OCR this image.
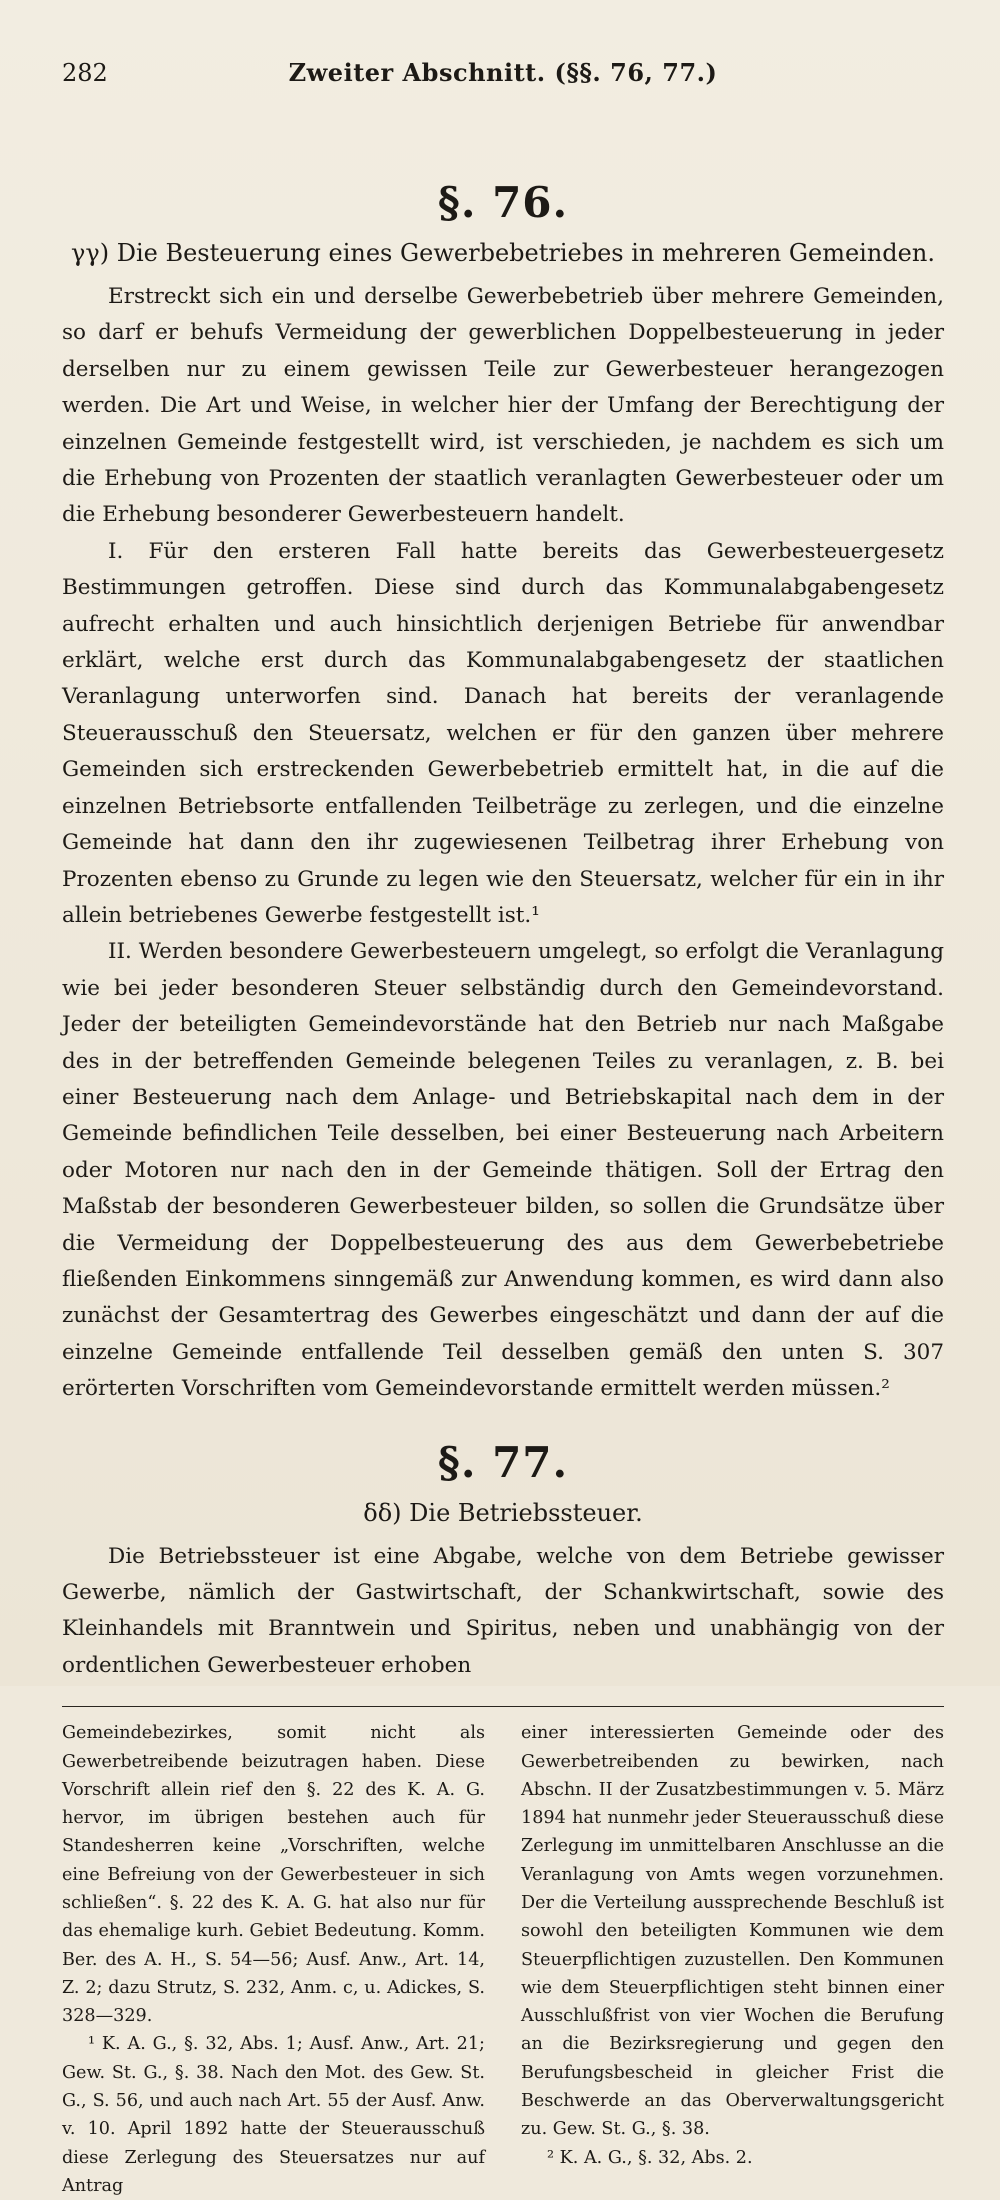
282	Zweiter Abschnitt. (§§. 76, 77.)
§. 76.
γγ) Die Besteuerung eines Gewerbebetriebes in mehreren Gemeinden.

Erstreckt sich ein und derselbe Gewerbebetrieb über mehrere Gemeinden, so darf er behufs Vermeidung der gewerblichen Doppelbesteuerung in jeder derselben nur zu einem gewissen Teile zur Gewerbesteuer herangezogen werden. Die Art und Weise, in welcher hier der Umfang der Berechtigung der einzelnen Gemeinde festgestellt wird, ist verschieden, je nachdem es sich um die Erhebung von Prozenten der staatlich veranlagten Gewerbesteuer oder um die Erhebung besonderer Gewerbesteuern handelt.

I. Für den ersteren Fall hatte bereits das Gewerbesteuergesetz Bestimmungen getroffen. Diese sind durch das Kommunalabgabengesetz aufrecht erhalten und auch hinsichtlich derjenigen Betriebe für anwendbar erklärt, welche erst durch das Kommunalabgabengesetz der staatlichen Veranlagung unterworfen sind. Danach hat bereits der veranlagende Steuerausschuß den Steuersatz, welchen er für den ganzen über mehrere Gemeinden sich erstreckenden Gewerbebetrieb ermittelt hat, in die auf die einzelnen Betriebsorte entfallenden Teilbeträge zu zerlegen, und die einzelne Gemeinde hat dann den ihr zugewiesenen Teilbetrag ihrer Erhebung von Prozenten ebenso zu Grunde zu legen wie den Steuersatz, welcher für ein in ihr allein betriebenes Gewerbe festgestellt ist.¹

II. Werden besondere Gewerbesteuern umgelegt, so erfolgt die Veranlagung wie bei jeder besonderen Steuer selbständig durch den Gemeindevorstand. Jeder der beteiligten Gemeindevorstände hat den Betrieb nur nach Maßgabe des in der betreffenden Gemeinde belegenen Teiles zu veranlagen, z. B. bei einer Besteuerung nach dem Anlage- und Betriebskapital nach dem in der Gemeinde befindlichen Teile desselben, bei einer Besteuerung nach Arbeitern oder Motoren nur nach den in der Gemeinde thätigen. Soll der Ertrag den Maßstab der besonderen Gewerbesteuer bilden, so sollen die Grundsätze über die Vermeidung der Doppelbesteuerung des aus dem Gewerbebetriebe fließenden Einkommens sinngemäß zur Anwendung kommen, es wird dann also zunächst der Gesamtertrag des Gewerbes eingeschätzt und dann der auf die einzelne Gemeinde entfallende Teil desselben gemäß den unten S. 307 erörterten Vorschriften vom Gemeindevorstande ermittelt werden müssen.²

§. 77.
δδ) Die Betriebssteuer.

Die Betriebssteuer ist eine Abgabe, welche von dem Betriebe gewisser Gewerbe, nämlich der Gastwirtschaft, der Schankwirtschaft, sowie des Kleinhandels mit Branntwein und Spiritus, neben und unabhängig von der ordentlichen Gewerbesteuer erhoben

Gemeindebezirkes, somit nicht als Gewerbetreibende beizutragen haben. Diese Vorschrift allein rief den §. 22 des K. A. G. hervor, im übrigen bestehen auch für Standesherren keine „Vorschriften, welche eine Befreiung von der Gewerbesteuer in sich schließen“. §. 22 des K. A. G. hat also nur für das ehemalige kurh. Gebiet Bedeutung. Komm. Ber. des A. H., S. 54—56; Ausf. Anw., Art. 14, Z. 2; dazu Strutz, S. 232, Anm. c, u. Adickes, S. 328—329.

¹ K. A. G., §. 32, Abs. 1; Ausf. Anw., Art. 21; Gew. St. G., §. 38. Nach den Mot. des Gew. St. G., S. 56, und auch nach Art. 55 der Ausf. Anw. v. 10. April 1892 hatte der Steuerausschuß diese Zerlegung des Steuersatzes nur auf Antrag

einer interessierten Gemeinde oder des Gewerbetreibenden zu bewirken, nach Abschn. II der Zusatzbestimmungen v. 5. März 1894 hat nunmehr jeder Steuerausschuß diese Zerlegung im unmittelbaren Anschlusse an die Veranlagung von Amts wegen vorzunehmen. Der die Verteilung aussprechende Beschluß ist sowohl den beteiligten Kommunen wie dem Steuerpflichtigen zuzustellen. Den Kommunen wie dem Steuerpflichtigen steht binnen einer Ausschlußfrist von vier Wochen die Berufung an die Bezirksregierung und gegen den Berufungsbescheid in gleicher Frist die Beschwerde an das Oberverwaltungsgericht zu. Gew. St. G., §. 38.

² K. A. G., §. 32, Abs. 2.
